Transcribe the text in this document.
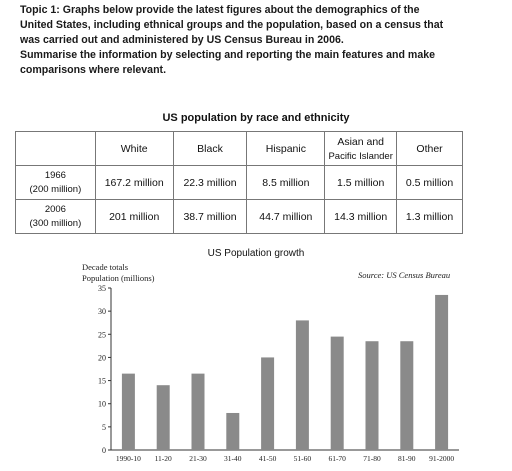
Topic 1: Graphs below provide the latest figures about the demographics of the

United States, including ethnical groups and the population, based on a census that

was carried out and administered by US Census Bureau in 2006.

Summarise the information by selecting and reporting the main features and make

comparisons where relevant.

US population by race and ethnicity
	White	Black	Hispanic	Asian and
Pacific Islander	Other

1966
(200 million)	167.2 million	22.3 million	8.5 million	1.5 million	0.5 million

2006
(300 million)	201 million	38.7 million	44.7 million	14.3 million	1.3 million
US Population growth
Decade totals
Population (millions)	Source: US Census Bureau
0
5
10
15
20
25
30
35
1990-10 11-20 21-30 31-40 41-50 51-60 61-70 71-80 81-90 91-2000
